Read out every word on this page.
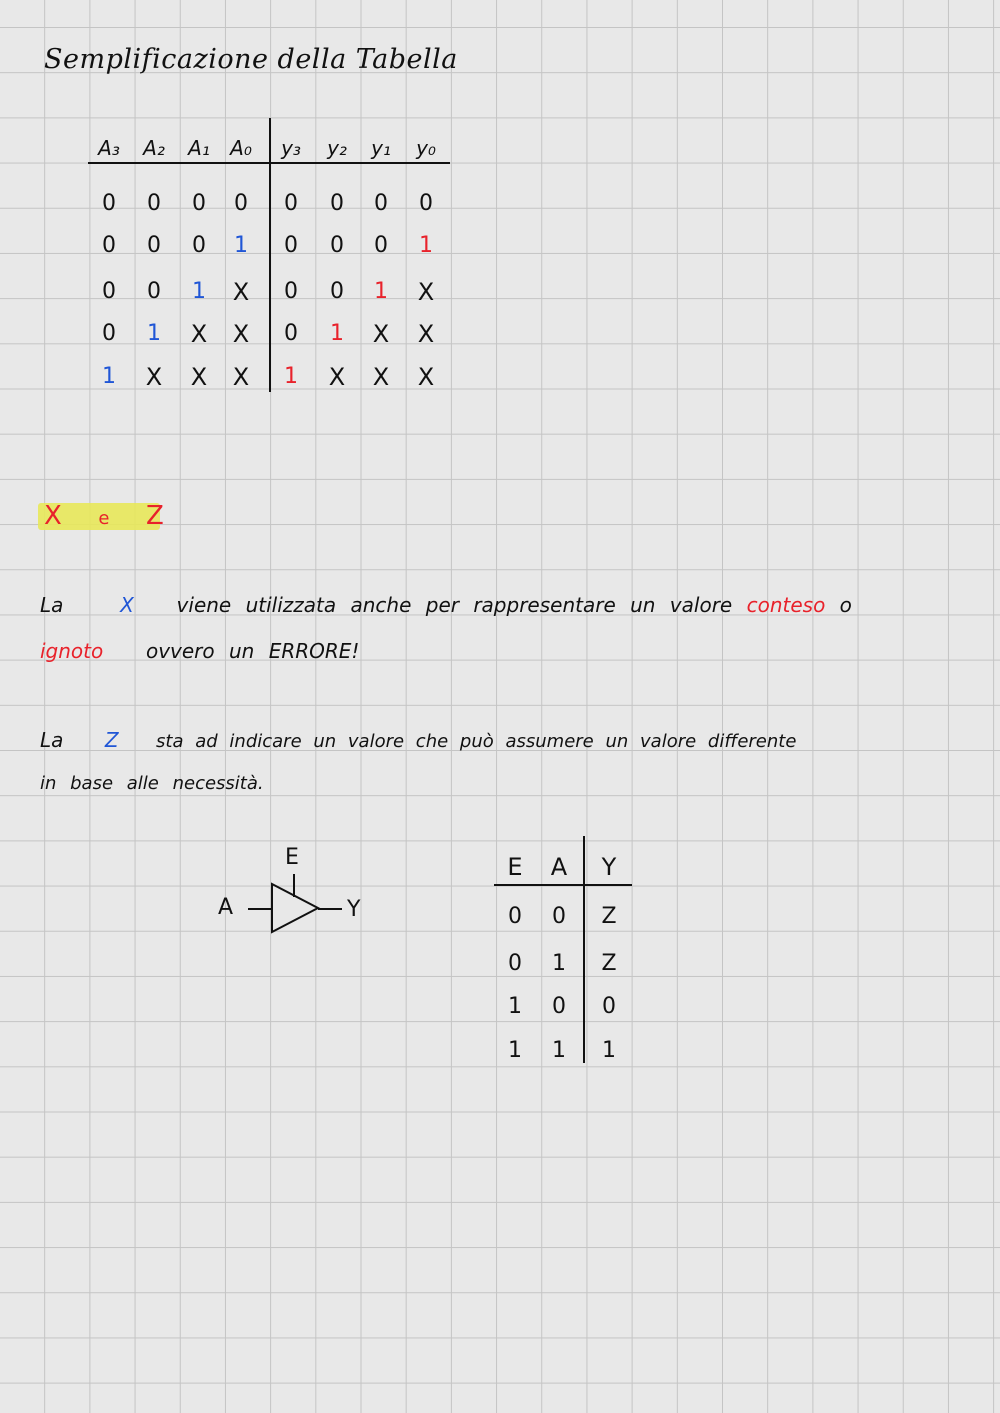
Semplificazione della Tabella
A₃	A₂	A₁	A₀	y₃	y₂	y₁	y₀
0	0	0	0	0	0	0	0
0	0	0	1	0	0	0	1
0	0	1	X	0	0	1	X
0	1	X	X	0	1	X	X
1	X	X	X	1	X	X	X
X e Z
La	X viene utilizzata anche per rappresentare un valore conteso o
ignoto ovvero un ERRORE!
La Z sta ad indicare un valore che può assumere un valore differente
in base alle necessità.
A
E
Y
E	A	Y
0	0	Z
0	1	Z
1	0	0
1	1	1
